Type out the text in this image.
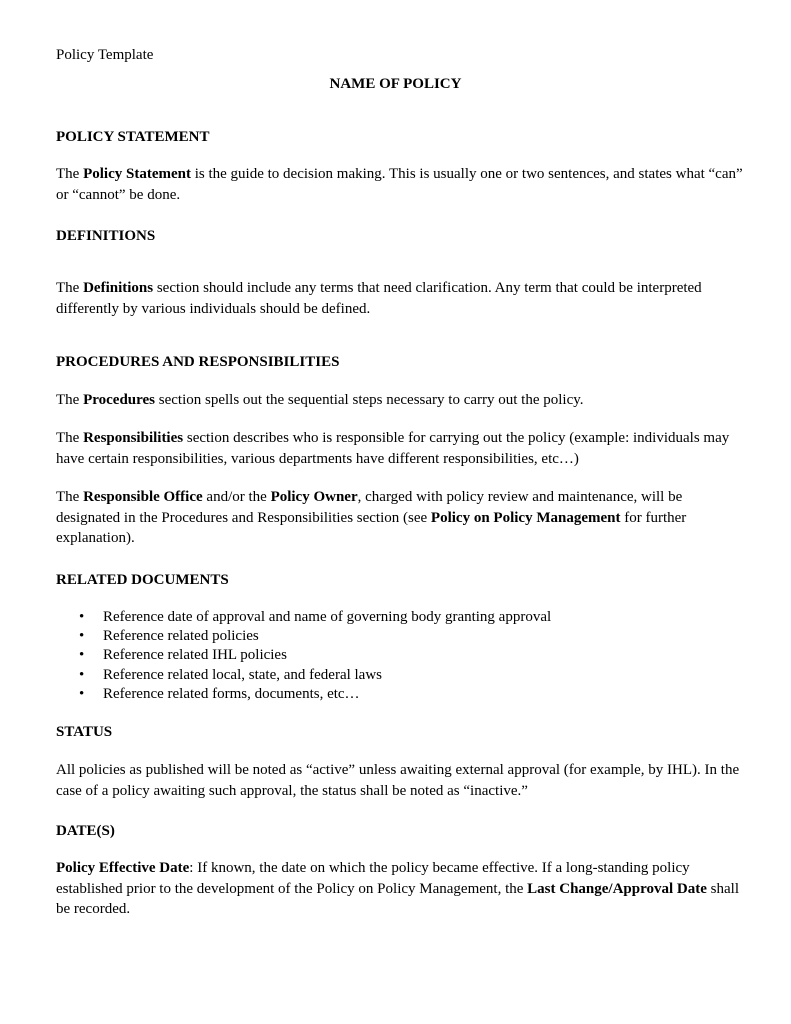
Policy Template

NAME OF POLICY

POLICY STATEMENT

The Policy Statement is the guide to decision making. This is usually one or two sentences, and states what “can” or “cannot” be done.

DEFINITIONS

The Definitions section should include any terms that need clarification. Any term that could be interpreted differently by various individuals should be defined.

PROCEDURES AND RESPONSIBILITIES

The Procedures section spells out the sequential steps necessary to carry out the policy.

The Responsibilities section describes who is responsible for carrying out the policy (example: individuals may have certain responsibilities, various departments have different responsibilities, etc…)

The Responsible Office and/or the Policy Owner, charged with policy review and maintenance, will be designated in the Procedures and Responsibilities section (see Policy on Policy Management for further explanation).

RELATED DOCUMENTS
• Reference date of approval and name of governing body granting approval
• Reference related policies
• Reference related IHL policies
• Reference related local, state, and federal laws
• Reference related forms, documents, etc…
STATUS

All policies as published will be noted as “active” unless awaiting external approval (for example, by IHL). In the case of a policy awaiting such approval, the status shall be noted as “inactive.”

DATE(S)

Policy Effective Date: If known, the date on which the policy became effective. If a long-standing policy established prior to the development of the Policy on Policy Management, the Last Change/Approval Date shall be recorded.
